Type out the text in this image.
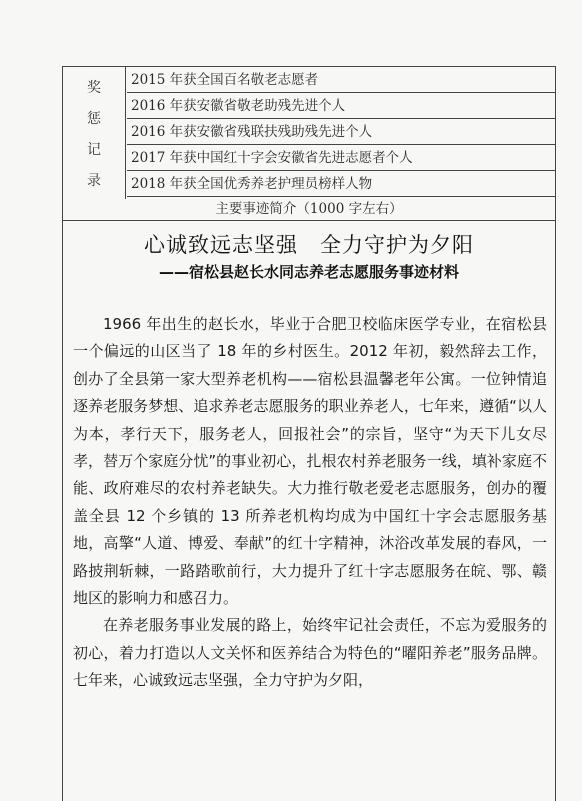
奖
惩
记
录
2015 年获全国百名敬老志愿者
2016 年获安徽省敬老助残先进个人
2016 年获安徽省残联扶残助残先进个人
2017 年获中国红十字会安徽省先进志愿者个人
2018 年获全国优秀养老护理员榜样人物
主要事迹简介（1000 字左右）
心诚致远志坚强　全力守护为夕阳
——宿松县赵长水同志养老志愿服务事迹材料

1966 年出生的赵长水，毕业于合肥卫校临床医学专业，在宿松县一个偏远的山区当了 18 年的乡村医生。2012 年初，毅然辞去工作，创办了全县第一家大型养老机构——宿松县温馨老年公寓。一位钟情追逐养老服务梦想、追求养老志愿服务的职业养老人，七年来，遵循“以人为本，孝行天下，服务老人，回报社会”的宗旨，坚守“为天下儿女尽孝，替万个家庭分忧”的事业初心，扎根农村养老服务一线，填补家庭不能、政府难尽的农村养老缺失。大力推行敬老爱老志愿服务，创办的覆盖全县 12 个乡镇的 13 所养老机构均成为中国红十字会志愿服务基地，高擎“人道、博爱、奉献”的红十字精神，沐浴改革发展的春风，一路披荆斩棘，一路踏歌前行，大力提升了红十字志愿服务在皖、鄂、赣地区的影响力和感召力。

在养老服务事业发展的路上，始终牢记社会责任，不忘为爱服务的初心，着力打造以人文关怀和医养结合为特色的“曜阳养老”服务品牌。七年来，心诚致远志坚强，全力守护为夕阳，
